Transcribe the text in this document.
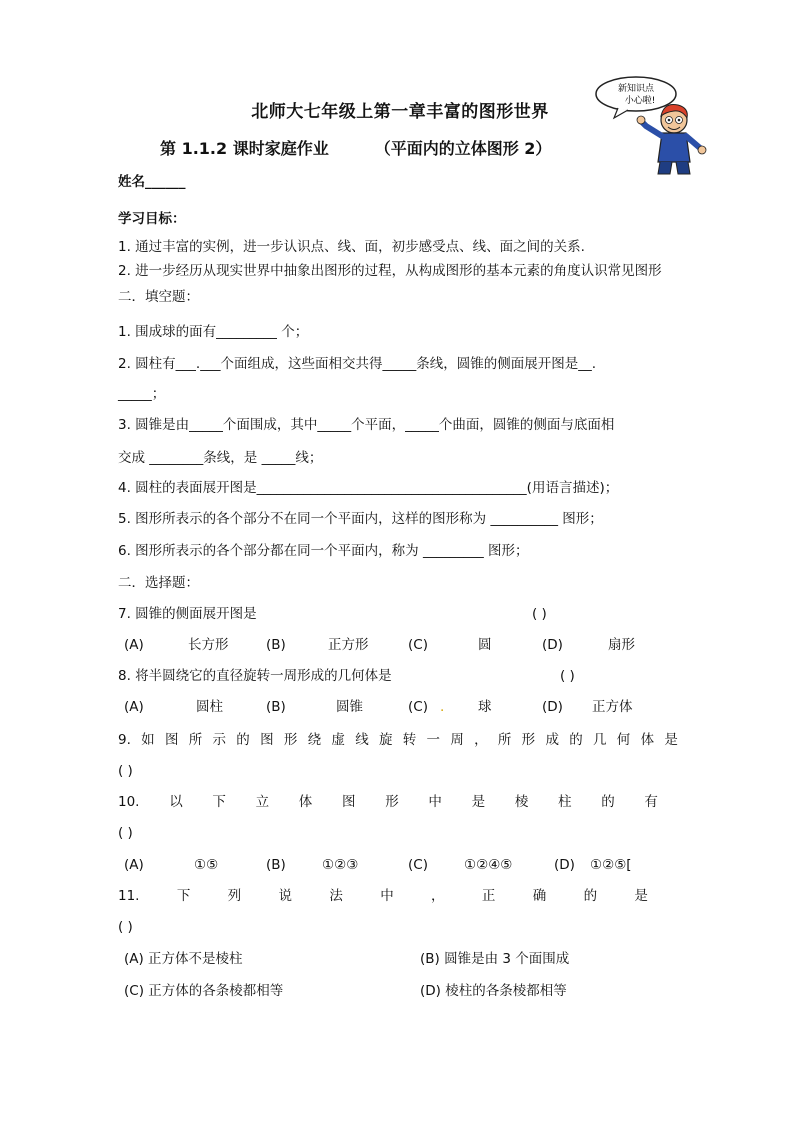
北师大七年级上第一章丰富的图形世界
第 1.1.2 课时家庭作业	（平面内的立体图形 2）
新知识点
小心啦!
姓名______
学习目标：
1. 通过丰富的实例，进一步认识点、线、面，初步感受点、线、面之间的关系.
2. 进一步经历从现实世界中抽象出图形的过程，从构成图形的基本元素的角度认识常见图形
二．填空题：
1. 围成球的面有_________ 个；
2. 圆柱有___.___个面组成，这些面相交共得_____条线，圆锥的侧面展开图是__.
_____；
3. 圆锥是由_____个面围成，其中_____个平面，_____个曲面，圆锥的侧面与底面相
交成 ________条线，是 _____线；
4. 圆柱的表面展开图是________________________________________(用语言描述)；
5. 图形所表示的各个部分不在同一个平面内，这样的图形称为 __________ 图形；
6. 图形所表示的各个部分都在同一个平面内，称为 _________ 图形；
二．选择题：
7. 圆锥的侧面展开图是	( )
(A)	长方形	(B)	正方形	(C)	圆	(D)	扇形
8. 将半圆绕它的直径旋转一周形成的几何体是	( )
(A)	圆柱	(B)	圆锥	(C) . 球	(D) 正方体
9. 如 图 所 示 的 图 形 绕 虚 线 旋 转 一 周 ， 所 形 成 的 几 何 体 是
( )
10. 以 下 立 体 图 形 中 是 棱 柱 的 有
( )
(A)	①⑤	(B)	①②③	(C)	①②④⑤	(D) ①②⑤[
11.	下	列	说	法	中	，	正	确	的	是
( )
(A) 正方体不是棱柱	(B) 圆锥是由 3 个面围成
(C) 正方体的各条棱都相等	(D) 棱柱的各条棱都相等
